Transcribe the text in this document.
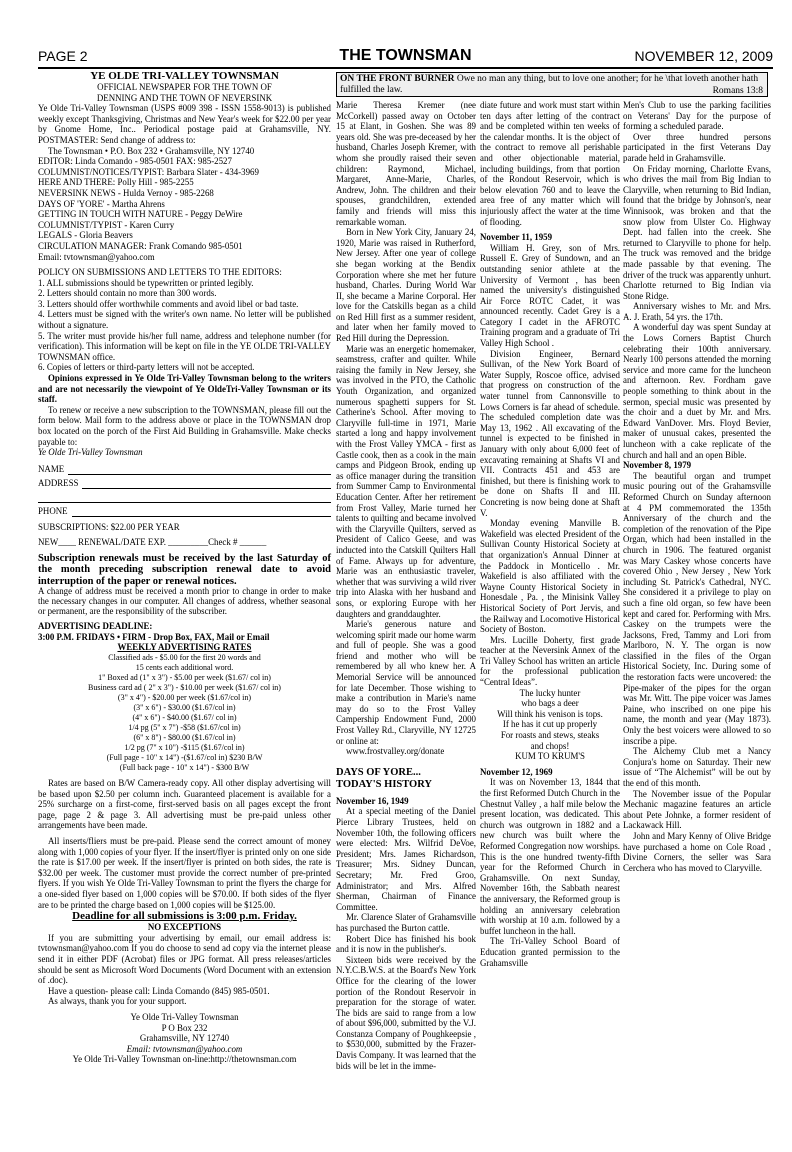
PAGE 2	THE TOWNSMAN	NOVEMBER 12, 2009

YE OLDE TRI-VALLEY TOWNSMAN

OFFICIAL NEWSPAPER FOR THE TOWN OF

DENNING AND THE TOWN OF NEVERSINK

Ye Olde Tri-Valley Townsman (USPS #009 398 - ISSN 1558-9013) is published weekly except Thanksgiving, Christmas and New Year's week for $22.00 per year by Gnome Home, Inc.. Periodical postage paid at Grahamsville, NY. POSTMASTER: Send change of address to:

The Townsman • P.O. Box 232 • Grahamsville, NY 12740

EDITOR: Linda Comando - 985-0501 FAX: 985-2527

COLUMNIST/NOTICES/TYPIST: Barbara Slater - 434-3969

HERE AND THERE: Polly Hill - 985-2255

NEVERSINK NEWS - Hulda Vernoy - 985-2268

DAYS OF 'YORE' - Martha Ahrens

GETTING IN TOUCH WITH NATURE - Peggy DeWire

COLUMNIST/TYPIST - Karen Curry

LEGALS - Gloria Beavers

CIRCULATION MANAGER: Frank Comando 985-0501

Email: tvtownsman@yahoo.com

POLICY ON SUBMISSIONS AND LETTERS TO THE EDITORS:

1. ALL submissions should be typewritten or printed legibly.

2. Letters should contain no more than 300 words.

3. Letters should offer worthwhile comments and avoid libel or bad taste.

4. Letters must be signed with the writer's own name. No letter will be published without a signature.

5. The writer must provide his/her full name, address and telephone number (for verification). This information will be kept on file in the YE OLDE TRI-VALLEY TOWNSMAN office.

6. Copies of letters or third-party letters will not be accepted.

Opinions expressed in Ye Olde Tri-Valley Townsman belong to the writers and are not necessarily the viewpoint of Ye OldeTri-Valley Townsman or its staff.

To renew or receive a new subscription to the TOWNSMAN, please fill out the form below. Mail form to the address above or place in the TOWNSMAN drop box located on the porch of the First Aid Building in Grahamsville. Make checks payable to:

Ye Olde Tri-Valley Townsman

NAME
ADDRESS
PHONE

SUBSCRIPTIONS: $22.00 PER YEAR

NEW____ RENEWAL/DATE EXP. _________Check # ______

Subscription renewals must be received by the last Saturday of the month preceding subscription renewal date to avoid interruption of the paper or renewal notices.

A change of address must be received a month prior to change in order to make the necessary changes in our computer. All changes of address, whether seasonal or permanent, are the responsibility of the subscriber.

ADVERTISING DEADLINE:

3:00 P.M. FRIDAYS • FIRM - Drop Box, FAX, Mail or Email

WEEKLY ADVERTISING RATES

Classified ads - $5.00 for the first 20 words and

15 cents each additional word.

1" Boxed ad (1" x 3") - $5.00 per week ($1.67/ col in)

Business card ad ( 2" x 3") - $10.00 per week ($1.67/ col in)

(3" x 4") - $20.00 per week ($1.67/col in)

(3" x 6") - $30.00 ($1.67/col in)

(4" x 6") - $40.00 ($1.67/ col in)

1/4 pg (5" x 7") -$58 ($1.67/col in)

(6" x 8") - $80.00 ($1.67/col in)

1/2 pg (7" x 10") -$115 ($1.67/col in)

(Full page - 10" x 14") -($1.67/col in) $230 B/W

(Full back page - 10" x 14") - $300 B/W

Rates are based on B/W Camera-ready copy. All other display advertising will be based upon $2.50 per column inch. Guaranteed placement is available for a 25% surcharge on a first-come, first-served basis on all pages except the front page, page 2 & page 3. All advertising must be pre-paid unless other arrangements have been made.

All inserts/fliers must be pre-paid. Please send the correct amount of money along with 1,000 copies of your flyer. If the insert/flyer is printed only on one side the rate is $17.00 per week. If the insert/flyer is printed on both sides, the rate is $32.00 per week. The customer must provide the correct number of pre-printed flyers. If you wish Ye Olde Tri-Valley Townsman to print the flyers the charge for a one-sided flyer based on 1,000 copies will be $70.00. If both sides of the flyer are to be printed the charge based on 1,000 copies will be $125.00.

Deadline for all submissions is 3:00 p.m. Friday.

NO EXCEPTIONS

If you are submitting your advertising by email, our email address is: tvtownsman@yahoo.com If you do choose to send ad copy via the internet please send it in either PDF (Acrobat) files or JPG format. All press releases/articles should be sent as Microsoft Word Documents (Word Document with an extension of .doc).

Have a question- please call: Linda Comando (845) 985-0501.

As always, thank you for your support.

Ye Olde Tri-Valley Townsman

P O Box 232

Grahamsville, NY 12740

Email: tvtownsman@yahoo.com

Ye Olde Tri-Valley Townsman on-line:http://thetownsman.com

ON THE FRONT BURNER Owe no man any thing, but to love one another; for he \that loveth another hath fulfilled the law.	Romans 13:8

Marie Theresa Kremer (nee McCorkell) passed away on October 15 at Elant, in Goshen. She was 89 years old. She was pre-deceased by her husband, Charles Joseph Kremer, with whom she proudly raised their seven children: Raymond, Michael, Margaret, Anne-Marie, Charles, Andrew, John. The children and their spouses, grandchildren, extended family and friends will miss this remarkable woman.

Born in New York City, January 24, 1920, Marie was raised in Rutherford, New Jersey. After one year of college she began working at the Bendix Corporation where she met her future husband, Charles. During World War II, she became a Marine Corporal. Her love for the Catskills began as a child on Red Hill first as a summer resident, and later when her family moved to Red Hill during the Depression.

Marie was an energetic homemaker, seamstress, crafter and quilter. While raising the family in New Jersey, she was involved in the PTO, the Catholic Youth Organization, and organized numerous spaghetti suppers for St. Catherine's School. After moving to Claryville full-time in 1971, Marie started a long and happy involvement with the Frost Valley YMCA - first as Castle cook, then as a cook in the main camps and Pidgeon Brook, ending up as office manager during the transition from Summer Camp to Environmental Education Center. After her retirement from Frost Valley, Marie turned her talents to quilting and became involved with the Claryville Quilters, served as President of Calico Geese, and was inducted into the Catskill Quilters Hall of Fame. Always up for adventure, Marie was an enthusiastic traveler, whether that was surviving a wild river trip into Alaska with her husband and sons, or exploring Europe with her daughters and granddaughter.

Marie's generous nature and welcoming spirit made our home warm and full of people. She was a good friend and mother who will be remembered by all who knew her. A Memorial Service will be announced for late December. Those wishing to make a contribution in Marie's name may do so to the Frost Valley Campership Endowment Fund, 2000 Frost Valley Rd., Claryville, NY 12725 or online at:

www.frostvalley.org/donate

DAYS OF YORE...

TODAY'S HISTORY

November 16, 1949

At a special meeting of the Daniel Pierce Library Trustees, held on November 10th, the following officers were elected: Mrs. Wilfrid DeVoe, President; Mrs. James Richardson, Treasurer; Mrs. Sidney Duncan, Secretary; Mr. Fred Groo, Administrator; and Mrs. Alfred Sherman, Chairman of Finance Committee.

Mr. Clarence Slater of Grahamsville has purchased the Burton cattle.

Robert Dice has finished his book and it is now in the publisher's.

Sixteen bids were received by the N.Y.C.B.W.S. at the Board's New York Office for the clearing of the lower portion of the Rondout Reservoir in preparation for the storage of water. The bids are said to range from a low of about $96,000, submitted by the V.J. Constanza Company of Poughkeepsie , to $530,000, submitted by the Frazer-Davis Company. It was learned that the bids will be let in the imme-

diate future and work must start within ten days after letting of the contract and be completed within ten weeks of the calendar months. It is the object of the contract to remove all perishable and other objectionable material, including buildings, from that portion of the Rondout Reservoir, which is below elevation 760 and to leave the area free of any matter which will injuriously affect the water at the time of flooding.

November 11, 1959

William H. Grey, son of Mrs. Russell E. Grey of Sundown, and an outstanding senior athlete at the University of Vermont , has been named the university's distinguished Air Force ROTC Cadet, it was announced recently. Cadet Grey is a Category I cadet in the AFROTC Training program and a graduate of Tri Valley High School .

Division Engineer, Bernard Sullivan, of the New York Board of Water Supply, Roscoe office, advised that progress on construction of the water tunnel from Cannonsville to Lows Corners is far ahead of schedule. The scheduled completion date was May 13, 1962 . All excavating of the tunnel is expected to be finished in January with only about 6,000 feet of excavating remaining at Shafts VI and VII. Contracts 451 and 453 are finished, but there is finishing work to be done on Shafts II and III. Concreting is now being done at Shaft V.

Monday evening Manville B. Wakefield was elected President of the Sullivan County Historical Society at that organization's Annual Dinner at the Paddock in Monticello . Mr. Wakefield is also affiliated with the Wayne County Historical Society in Honesdale , Pa. , the Minisink Valley Historical Society of Port Jervis, and the Railway and Locomotive Historical Society of Boston.

Mrs. Lucille Doherty, first grade teacher at the Neversink Annex of the Tri Valley School has written an article for the professional publication “Central Ideas”.

The lucky hunter

who bags a deer

Will think his venison is tops.

If he has it cut up properly

For roasts and stews, steaks

and chops!

KUM TO KRUM'S

November 12, 1969

It was on November 13, 1844 that the first Reformed Dutch Church in the Chestnut Valley , a half mile below the present location, was dedicated. This church was outgrown in 1882 and a new church was built where the Reformed Congregation now worships. This is the one hundred twenty-fifth year for the Reformed Church in Grahamsville. On next Sunday, November 16th, the Sabbath nearest the anniversary, the Reformed group is holding an anniversary celebration with worship at 10 a.m. followed by a buffet luncheon in the hall.

The Tri-Valley School Board of Education granted permission to the Grahamsville

Men's Club to use the parking facilities on Veterans' Day for the purpose of forming a scheduled parade.

Over three hundred persons participated in the first Veterans Day parade held in Grahamsville.

On Friday morning, Charlotte Evans, who drives the mail from Big Indian to Claryville, when returning to Bid Indian, found that the bridge by Johnson's, near Winnisook, was broken and that the snow plow from Ulster Co. Highway Dept. had fallen into the creek. She returned to Claryville to phone for help. The truck was removed and the bridge made passable by that evening. The driver of the truck was apparently unhurt. Charlotte returned to Big Indian via Stone Ridge.

Anniversary wishes to Mr. and Mrs. A. J. Erath, 54 yrs. the 17th.

A wonderful day was spent Sunday at the Lows Corners Baptist Church celebrating their 100th anniversary. Nearly 100 persons attended the morning service and more came for the luncheon and afternoon. Rev. Fordham gave people something to think about in the sermon, special music was presented by the choir and a duet by Mr. and Mrs. Edward VanDover. Mrs. Floyd Bevier, maker of unusual cakes, presented the luncheon with a cake replicate of the church and hall and an open Bible.

November 8, 1979

The beautiful organ and trumpet music pouring out of the Grahamsville Reformed Church on Sunday afternoon at 4 PM commemorated the 135th Anniversary of the church and the completion of the renovation of the Pipe Organ, which had been installed in the church in 1906. The featured organist was Mary Caskey whose concerts have covered Ohio , New Jersey , New York including St. Patrick's Cathedral, NYC. She considered it a privilege to play on such a fine old organ, so few have been kept and cared for. Performing with Mrs. Caskey on the trumpets were the Jacksons, Fred, Tammy and Lori from Marlboro, N. Y. The organ is now classified in the files of the Organ Historical Society, Inc. During some of the restoration facts were uncovered: the Pipe-maker of the pipes for the organ was Mr. Witt. The pipe voicer was James Paine, who inscribed on one pipe his name, the month and year (May 1873). Only the best voicers were allowed to so inscribe a pipe.

The Alchemy Club met a Nancy Conjura's home on Saturday. Their new issue of “The Alchemist” will be out by the end of this month.

The November issue of the Popular Mechanic magazine features an article about Pete Johnke, a former resident of Lackawack Hill.

John and Mary Kenny of Olive Bridge have purchased a home on Cole Road , Divine Corners, the seller was Sara Cerchera who has moved to Claryville.
